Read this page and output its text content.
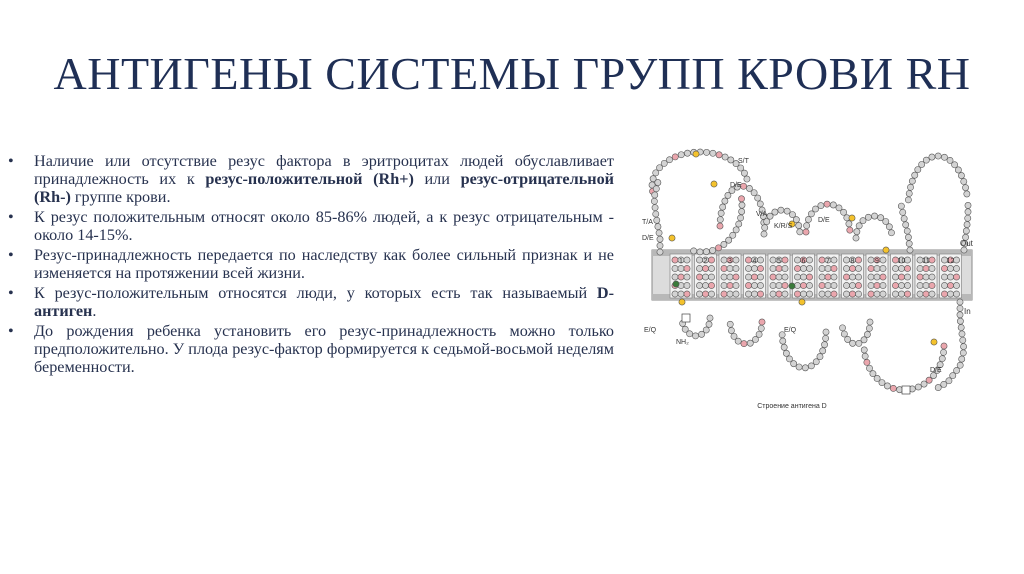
АНТИГЕНЫ СИСТЕМЫ ГРУПП КРОВИ RH
• Наличие или отсутствие резус фактора в эритроцитах людей обуславливает принадлежность их к резус-положительной (Rh+) или резус-отрицательной (Rh-) группе крови.
• К резус положительным относят около 85-86% людей, а к резус отрицательным - около 14-15%.
• Резус-принадлежность передается по наследству как более сильный признак и не изменяется на протяжении всей жизни.
• К резус-положительным относятся люди, у которых есть так называемый D-антиген.
• До рождения ребенка установить его резус-принадлежность можно только предположительно. У плода резус-фактор формируется к седьмой-восьмой неделям беременности.
1	2	3	4	5	6	7	8	9	10 11 12
S/T
D/E
T/A
D/E
V/A
K/R/S
D/E
E/Q	E/Q
D/E
Out
In
NH₂
Строение антигена D
